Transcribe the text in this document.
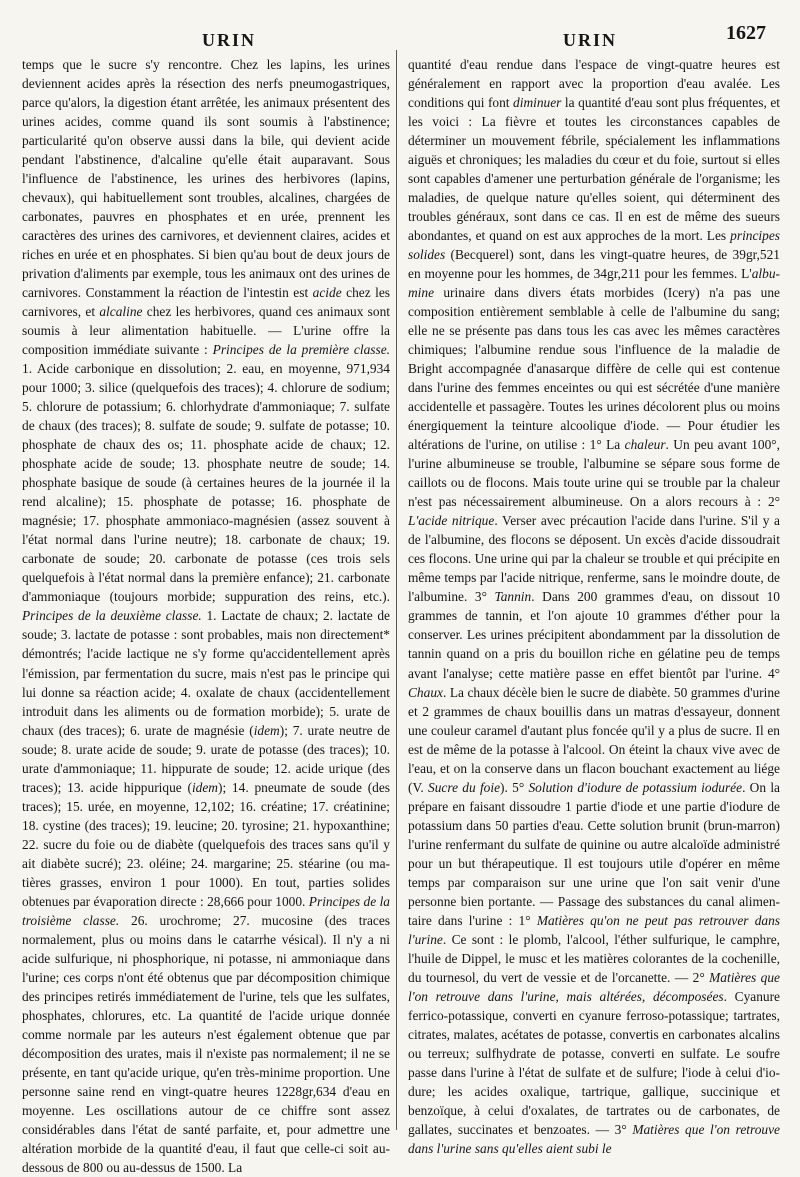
URIN	URIN	1627

temps que le sucre s'y rencontre. Chez les lapins, les urines deviennent acides après la résection des nerfs pneumogastriques, parce qu'alors, la digestion étant arrêtée, les animaux présentent des urines acides, comme quand ils sont soumis à l'abstinence; particularité qu'on observe aussi dans la bile, qui devient acide pendant l'abstinence, d'alcaline qu'elle était auparavant. Sous l'influence de l'abstinence, les urines des herbivores (lapins, chevaux), qui habituellement sont troubles, alcalines, chargées de carbonates, pauvres en phosphates et en urée, prennent les caractères des urines des carnivores, et deviennent claires, acides et riches en urée et en phosphates. Si bien qu'au bout de deux jours de privation d'aliments par exemple, tous les animaux ont des urines de carnivores. Constamment la réaction de l'intestin est acide chez les carnivores, et alcaline chez les herbivores, quand ces animaux sont soumis à leur alimentation habituelle. — L'urine offre la composition immédiate suivante : Principes de la première classe. 1. Acide carbonique en dissolution; 2. eau, en moyenne, 971,934 pour 1000; 3. silice (quelquefois des traces); 4. chlorure de sodium; 5. chlorure de potassium; 6. chlorhydrate d'ammoniaque; 7. sulfate de chaux (des traces); 8. sulfate de soude; 9. sulfate de potasse; 10. phosphate de chaux des os; 11. phosphate acide de chaux; 12. phosphate acide de soude; 13. phosphate neutre de soude; 14. phosphate basique de soude (à certaines heures de la journée il la rend alcaline); 15. phosphate de potasse; 16. phosphate de magnésie; 17. phosphate ammoniaco-magnésien (assez souvent à l'état normal dans l'urine neutre); 18. carbonate de chaux; 19. carbonate de soude; 20. carbonate de potasse (ces trois sels quelquefois à l'état normal dans la première enfance); 21. carbonate d'ammoniaque (toujours morbide; suppuration des reins, etc.). Principes de la deuxième classe. 1. Lactate de chaux; 2. lactate de soude; 3. lactate de potasse : sont probables, mais non directement* démontrés; l'acide lactique ne s'y forme qu'accidentellement après l'émission, par fermentation du sucre, mais n'est pas le principe qui lui donne sa réaction acide; 4. oxalate de chaux (accidentellement introduit dans les aliments ou de formation morbide); 5. urate de chaux (des traces); 6. urate de magnésie (idem); 7. urate neutre de soude; 8. urate acide de soude; 9. urate de potasse (des traces); 10. urate d'ammoniaque; 11. hippurate de soude; 12. acide urique (des traces); 13. acide hippurique (idem); 14. pneumate de soude (des traces); 15. urée, en moyenne, 12,102; 16. créatine; 17. créatinine; 18. cystine (des traces); 19. leucine; 20. tyrosine; 21. hypoxanthine; 22. sucre du foie ou de diabète (quelquefois des traces sans qu'il y ait diabète sucré); 23. oléine; 24. margarine; 25. stéarine (ou matières grasses, environ 1 pour 1000). En tout, parties solides obtenues par évaporation directe : 28,666 pour 1000. Principes de la troisième classe. 26. urochrome; 27. mucosine (des traces normalement, plus ou moins dans le catarrhe vésical). Il n'y a ni acide sulfurique, ni phosphorique, ni potasse, ni ammoniaque dans l'urine; ces corps n'ont été obtenus que par décomposition chimique des principes retirés immédiatement de l'urine, tels que les sulfates, phosphates, chlorures, etc. La quantité de l'acide urique donnée comme normale par les auteurs n'est également obtenue que par décomposition des urates, mais il n'existe pas normalement; il ne se présente, en tant qu'acide urique, qu'en très-minime proportion. Une personne saine rend en vingt-quatre heures 1228gr,634 d'eau en moyenne. Les oscillations autour de ce chiffre sont assez considérables dans l'état de santé parfaite, et, pour admettre une altération morbide de la quantité d'eau, il faut que celle-ci soit au-dessous de 800 ou au-dessus de 1500. La

quantité d'eau rendue dans l'espace de vingt-quatre heures est généralement en rapport avec la proportion d'eau avalée. Les conditions qui font diminuer la quantité d'eau sont plus fréquentes, et les voici : La fièvre et toutes les circonstances capables de déterminer un mouvement fébrile, spécialement les inflammations aiguës et chroniques; les maladies du cœur et du foie, surtout si elles sont capables d'amener une perturbation générale de l'organisme; les maladies, de quelque nature qu'elles soient, qui déterminent des troubles généraux, sont dans ce cas. Il en est de même des sueurs abondantes, et quand on est aux approches de la mort. Les principes solides (Becquerel) sont, dans les vingt-quatre heures, de 39gr,521 en moyenne pour les hommes, de 34gr,211 pour les femmes. L'albumine urinaire dans divers états morbides (Icery) n'a pas une composition entièrement semblable à celle de l'albumine du sang; elle ne se présente pas dans tous les cas avec les mêmes caractères chimiques; l'albumine rendue sous l'influence de la maladie de Bright accompagnée d'anasarque diffère de celle qui est contenue dans l'urine des femmes enceintes ou qui est sécrétée d'une manière accidentelle et passagère. Toutes les urines décolorent plus ou moins énergiquement la teinture alcoolique d'iode. — Pour étudier les altérations de l'urine, on utilise : 1° La chaleur. Un peu avant 100°, l'urine albumineuse se trouble, l'albumine se sépare sous forme de caillots ou de flocons. Mais toute urine qui se trouble par la chaleur n'est pas nécessairement albumineuse. On a alors recours à : 2° L'acide nitrique. Verser avec précaution l'acide dans l'urine. S'il y a de l'albumine, des flocons se déposent. Un excès d'acide dissoudrait ces flocons. Une urine qui par la chaleur se trouble et qui précipite en même temps par l'acide nitrique, renferme, sans le moindre doute, de l'albumine. 3° Tannin. Dans 200 grammes d'eau, on dissout 10 grammes de tannin, et l'on ajoute 10 grammes d'éther pour la conserver. Les urines précipitent abondamment par la dissolution de tannin quand on a pris du bouillon riche en gélatine peu de temps avant l'analyse; cette matière passe en effet bientôt par l'urine. 4° Chaux. La chaux décèle bien le sucre de diabète. 50 grammes d'urine et 2 grammes de chaux bouillis dans un matras d'essayeur, donnent une couleur caramel d'autant plus foncée qu'il y a plus de sucre. Il en est de même de la potasse à l'alcool. On éteint la chaux vive avec de l'eau, et on la conserve dans un flacon bouchant exactement au liége (V. Sucre du foie). 5° Solution d'iodure de potassium iodurée. On la prépare en faisant dissoudre 1 partie d'iode et une partie d'iodure de potassium dans 50 parties d'eau. Cette solution brunit (brun-marron) l'urine renfermant du sulfate de quinine ou autre alcaloïde administré pour un but thérapeutique. Il est toujours utile d'opérer en même temps par comparaison sur une urine que l'on sait venir d'une personne bien portante. — Passage des substances du canal alimentaire dans l'urine : 1° Matières qu'on ne peut pas retrouver dans l'urine. Ce sont : le plomb, l'alcool, l'éther sulfurique, le camphre, l'huile de Dippel, le musc et les matières colorantes de la cochenille, du tournesol, du vert de vessie et de l'orcanette. — 2° Matières que l'on retrouve dans l'urine, mais altérées, décomposées. Cyanure ferrico-potassique, converti en cyanure ferroso-potassique; tartrates, citrates, malates, acétates de potasse, convertis en carbonates alcalins ou terreux; sulfhydrate de potasse, converti en sulfate. Le soufre passe dans l'urine à l'état de sulfate et de sulfure; l'iode à celui d'iodure; les acides oxalique, tartrique, gallique, succinique et benzoïque, à celui d'oxalates, de tartrates ou de carbonates, de gallates, succinates et benzoates. — 3° Matières que l'on retrouve dans l'urine sans qu'elles aient subi le
